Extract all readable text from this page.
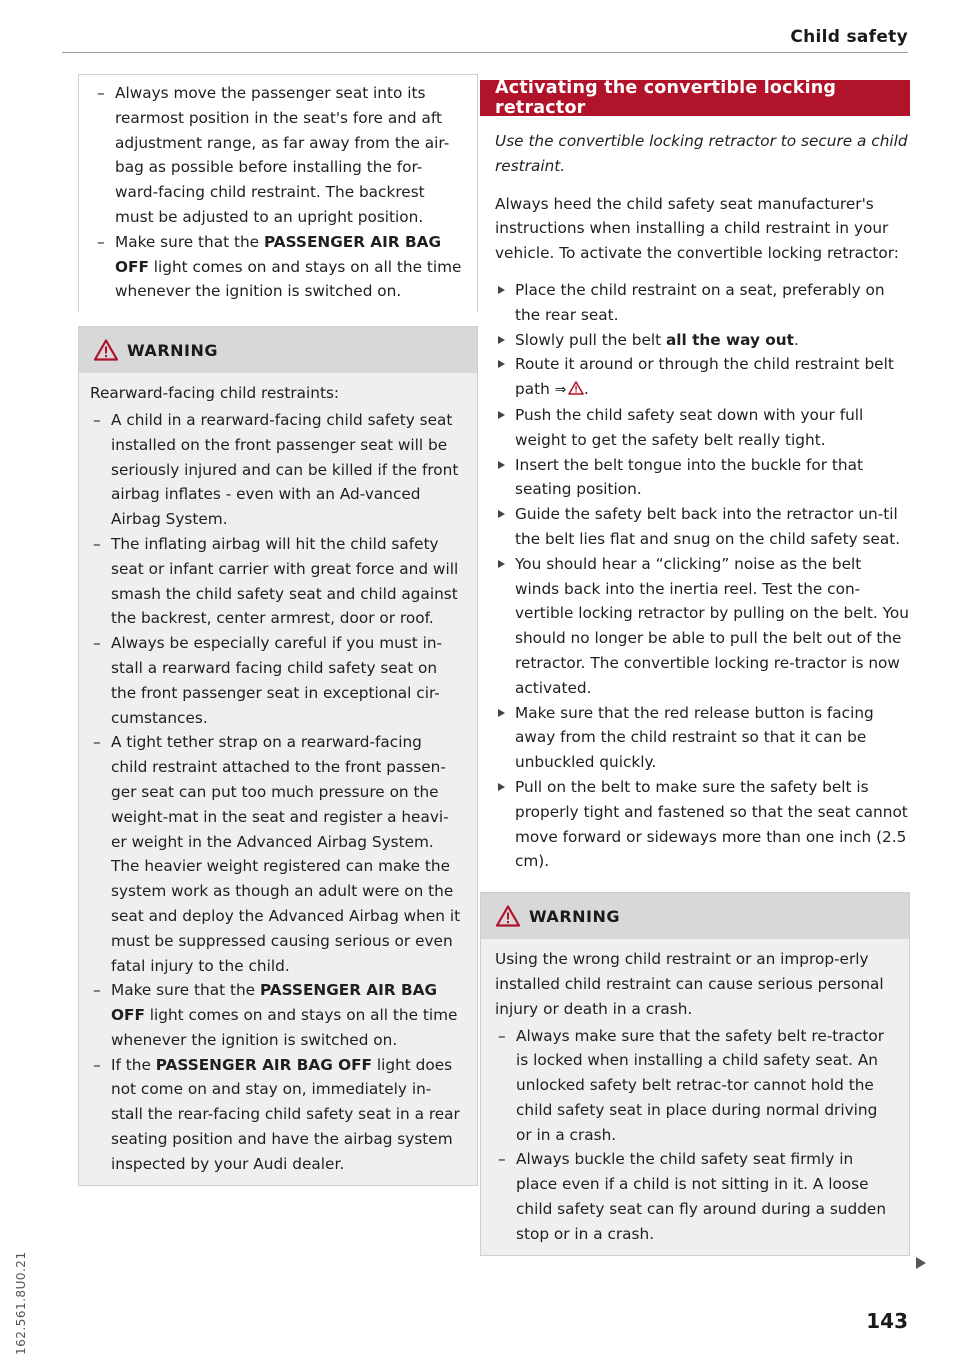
Child safety
– Always move the passenger seat into its rearmost position in the seat's fore and aft adjustment range, as far away from the air-bag as possible before installing the for-ward-facing child restraint. The backrest must be adjusted to an upright position.
– Make sure that the PASSENGER AIR BAG OFF light comes on and stays on all the time whenever the ignition is switched on.
WARNING
Rearward-facing child restraints:
– A child in a rearward-facing child safety seat installed on the front passenger seat will be seriously injured and can be killed if the front airbag inflates - even with an Ad-vanced Airbag System.
– The inflating airbag will hit the child safety seat or infant carrier with great force and will smash the child safety seat and child against the backrest, center armrest, door or roof.
– Always be especially careful if you must in-stall a rearward facing child safety seat on the front passenger seat in exceptional cir-cumstances.
– A tight tether strap on a rearward-facing child restraint attached to the front passen-ger seat can put too much pressure on the weight-mat in the seat and register a heavi-er weight in the Advanced Airbag System. The heavier weight registered can make the system work as though an adult were on the seat and deploy the Advanced Airbag when it must be suppressed causing serious or even fatal injury to the child.
– Make sure that the PASSENGER AIR BAG OFF light comes on and stays on all the time whenever the ignition is switched on.
– If the PASSENGER AIR BAG OFF light does not come on and stay on, immediately in-stall the rear-facing child safety seat in a rear seating position and have the airbag system inspected by your Audi dealer.
Activating the convertible locking retractor
Use the convertible locking retractor to secure a child restraint.
Always heed the child safety seat manufacturer's instructions when installing a child restraint in your vehicle. To activate the convertible locking retractor:
Place the child restraint on a seat, preferably on the rear seat.
Slowly pull the belt all the way out.
Route it around or through the child restraint belt path ⇒  .
Push the child safety seat down with your full weight to get the safety belt really tight.
Insert the belt tongue into the buckle for that seating position.
Guide the safety belt back into the retractor un-til the belt lies flat and snug on the child safety seat.
You should hear a “clicking” noise as the belt winds back into the inertia reel. Test the con-vertible locking retractor by pulling on the belt. You should no longer be able to pull the belt out of the retractor. The convertible locking re-tractor is now activated.
Make sure that the red release button is facing away from the child restraint so that it can be unbuckled quickly.
Pull on the belt to make sure the safety belt is properly tight and fastened so that the seat cannot move forward or sideways more than one inch (2.5 cm).
WARNING
Using the wrong child restraint or an improp-erly installed child restraint can cause serious personal injury or death in a crash.
– Always make sure that the safety belt re-tractor is locked when installing a child safety seat. An unlocked safety belt retrac-tor cannot hold the child safety seat in place during normal driving or in a crash.
– Always buckle the child safety seat firmly in place even if a child is not sitting in it. A loose child safety seat can fly around during a sudden stop or in a crash.
143
162.561.8U0.21
